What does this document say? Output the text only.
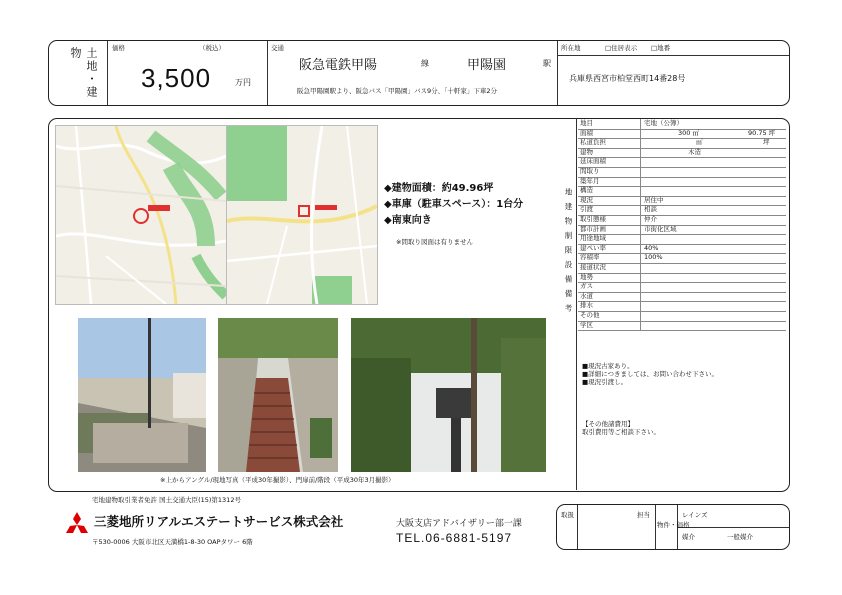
土地・建物	価格	（税込）
3,500	万円
交通
阪急電鉄甲陽	線	甲陽園	駅
阪急甲陽園駅より、阪急バス「甲陽園」バス9分、「十軒家」下車2分
所在地	□住居表示 □地番
兵庫県西宮市柏堂西町14番28号
◆建物面積：約49.96坪
◆車庫（駐車スペース）：1台分
◆南東向き
※間取り図面は有りません
※上からアングル/現地写真（平成30年撮影）、門扉前/階段（平成30年3月撮影）
地建物制限設備備考
地目	宅地（公簿）
面積	300 ㎡	90.75 坪
私道負担	㎡	坪
建物	木造
延床面積
間取り
築年月
構造
現況	居住中
引渡	相談
取引態様	仲介
都市計画	市街化区域
用途地域
建ぺい率	40%
容積率	100%
接道状況
地勢
ガス
水道
排水
その他
学区
■現況古家あり。
■詳細につきましては、お問い合わせ下さい。
■現況引渡し。
【その他諸費用】
取引費用等ご相談下さい。
宅地建物取引業者免許 国土交通大臣(15)第1312号
三菱地所リアルエステートサービス株式会社	大阪支店アドバイザリー部一課
TEL.06-6881-5197
〒530-0006 大阪市北区天満橋1-8-30 OAPタワー 6階
取扱	担当
物件・価格
レインズ
媒介	一般媒介
